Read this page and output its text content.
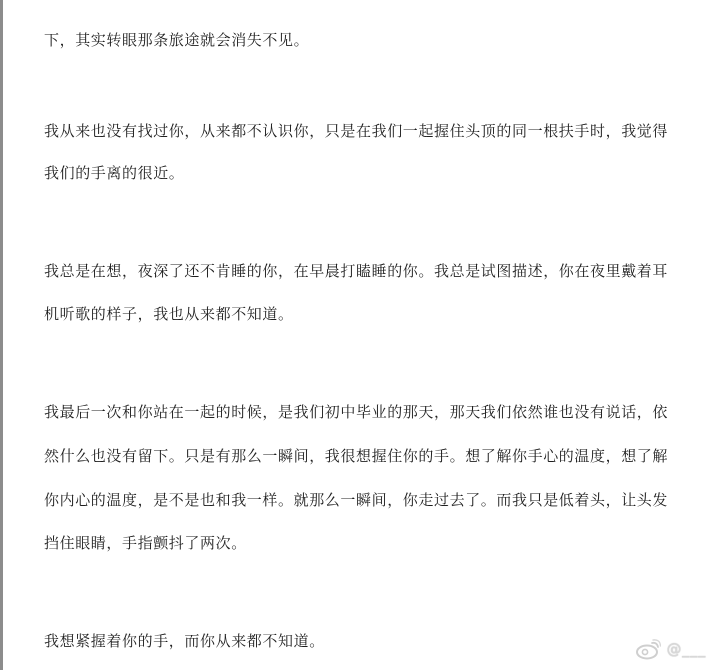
下，其实转眼那条旅途就会消失不见。
我从来也没有找过你，从来都不认识你，只是在我们一起握住头顶的同一根扶手时，我觉得
我们的手离的很近。
我总是在想，夜深了还不肯睡的你，在早晨打瞌睡的你。我总是试图描述，你在夜里戴着耳
机听歌的样子，我也从来都不知道。
我最后一次和你站在一起的时候，是我们初中毕业的那天，那天我们依然谁也没有说话，依
然什么也没有留下。只是有那么一瞬间，我很想握住你的手。想了解你手心的温度，想了解
你内心的温度，是不是也和我一样。就那么一瞬间，你走过去了。而我只是低着头，让头发
挡住眼睛，手指颤抖了两次。
我想紧握着你的手，而你从来都不知道。	@___
